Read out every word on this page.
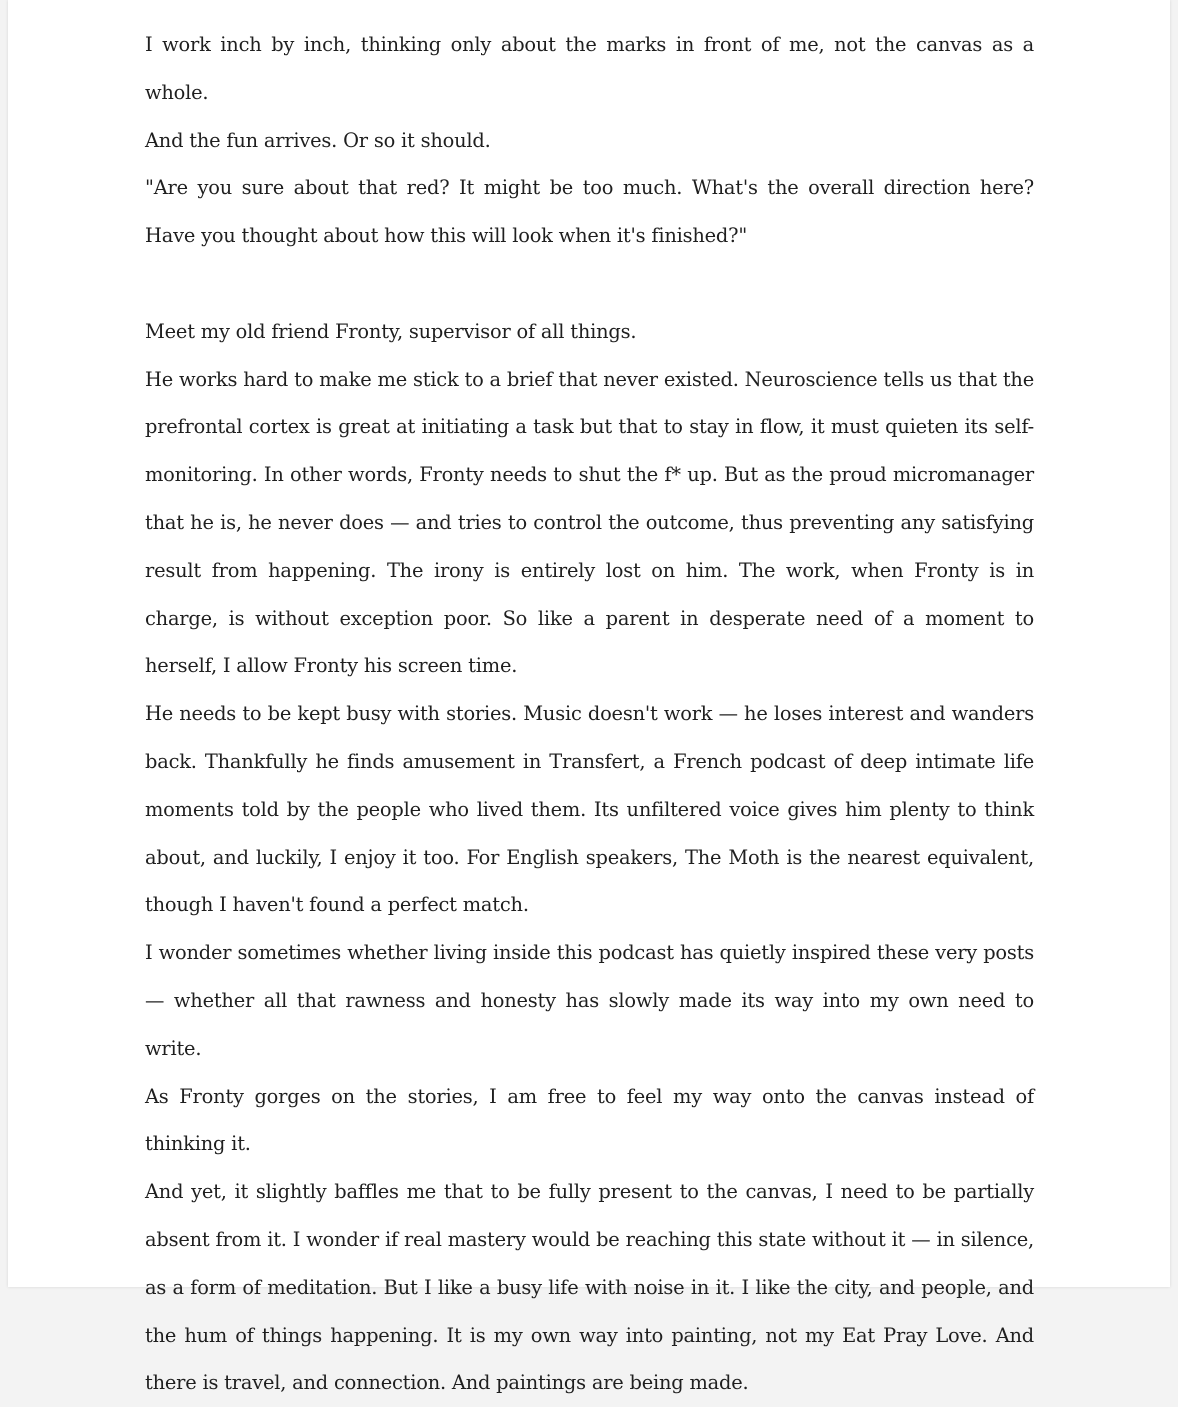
I work inch by inch, thinking only about the marks in front of me, not the canvas as a whole.

And the fun arrives. Or so it should.

"Are you sure about that red? It might be too much. What's the overall direction here? Have you thought about how this will look when it's finished?"

Meet my old friend Fronty, supervisor of all things.

He works hard to make me stick to a brief that never existed. Neuroscience tells us that the prefrontal cortex is great at initiating a task but that to stay in flow, it must quieten its self-monitoring. In other words, Fronty needs to shut the f* up. But as the proud micromanager that he is, he never does — and tries to control the outcome, thus preventing any satisfying result from happening. The irony is entirely lost on him. The work, when Fronty is in charge, is without exception poor. So like a parent in desperate need of a moment to herself, I allow Fronty his screen time.

He needs to be kept busy with stories. Music doesn't work — he loses interest and wanders back. Thankfully he finds amusement in Transfert, a French podcast of deep intimate life moments told by the people who lived them. Its unfiltered voice gives him plenty to think about, and luckily, I enjoy it too. For English speakers, The Moth is the nearest equivalent, though I haven't found a perfect match.

I wonder sometimes whether living inside this podcast has quietly inspired these very posts — whether all that rawness and honesty has slowly made its way into my own need to write.

As Fronty gorges on the stories, I am free to feel my way onto the canvas instead of thinking it.

And yet, it slightly baffles me that to be fully present to the canvas, I need to be partially absent from it. I wonder if real mastery would be reaching this state without it — in silence, as a form of meditation. But I like a busy life with noise in it. I like the city, and people, and the hum of things happening. It is my own way into painting, not my Eat Pray Love. And there is travel, and connection. And paintings are being made.
